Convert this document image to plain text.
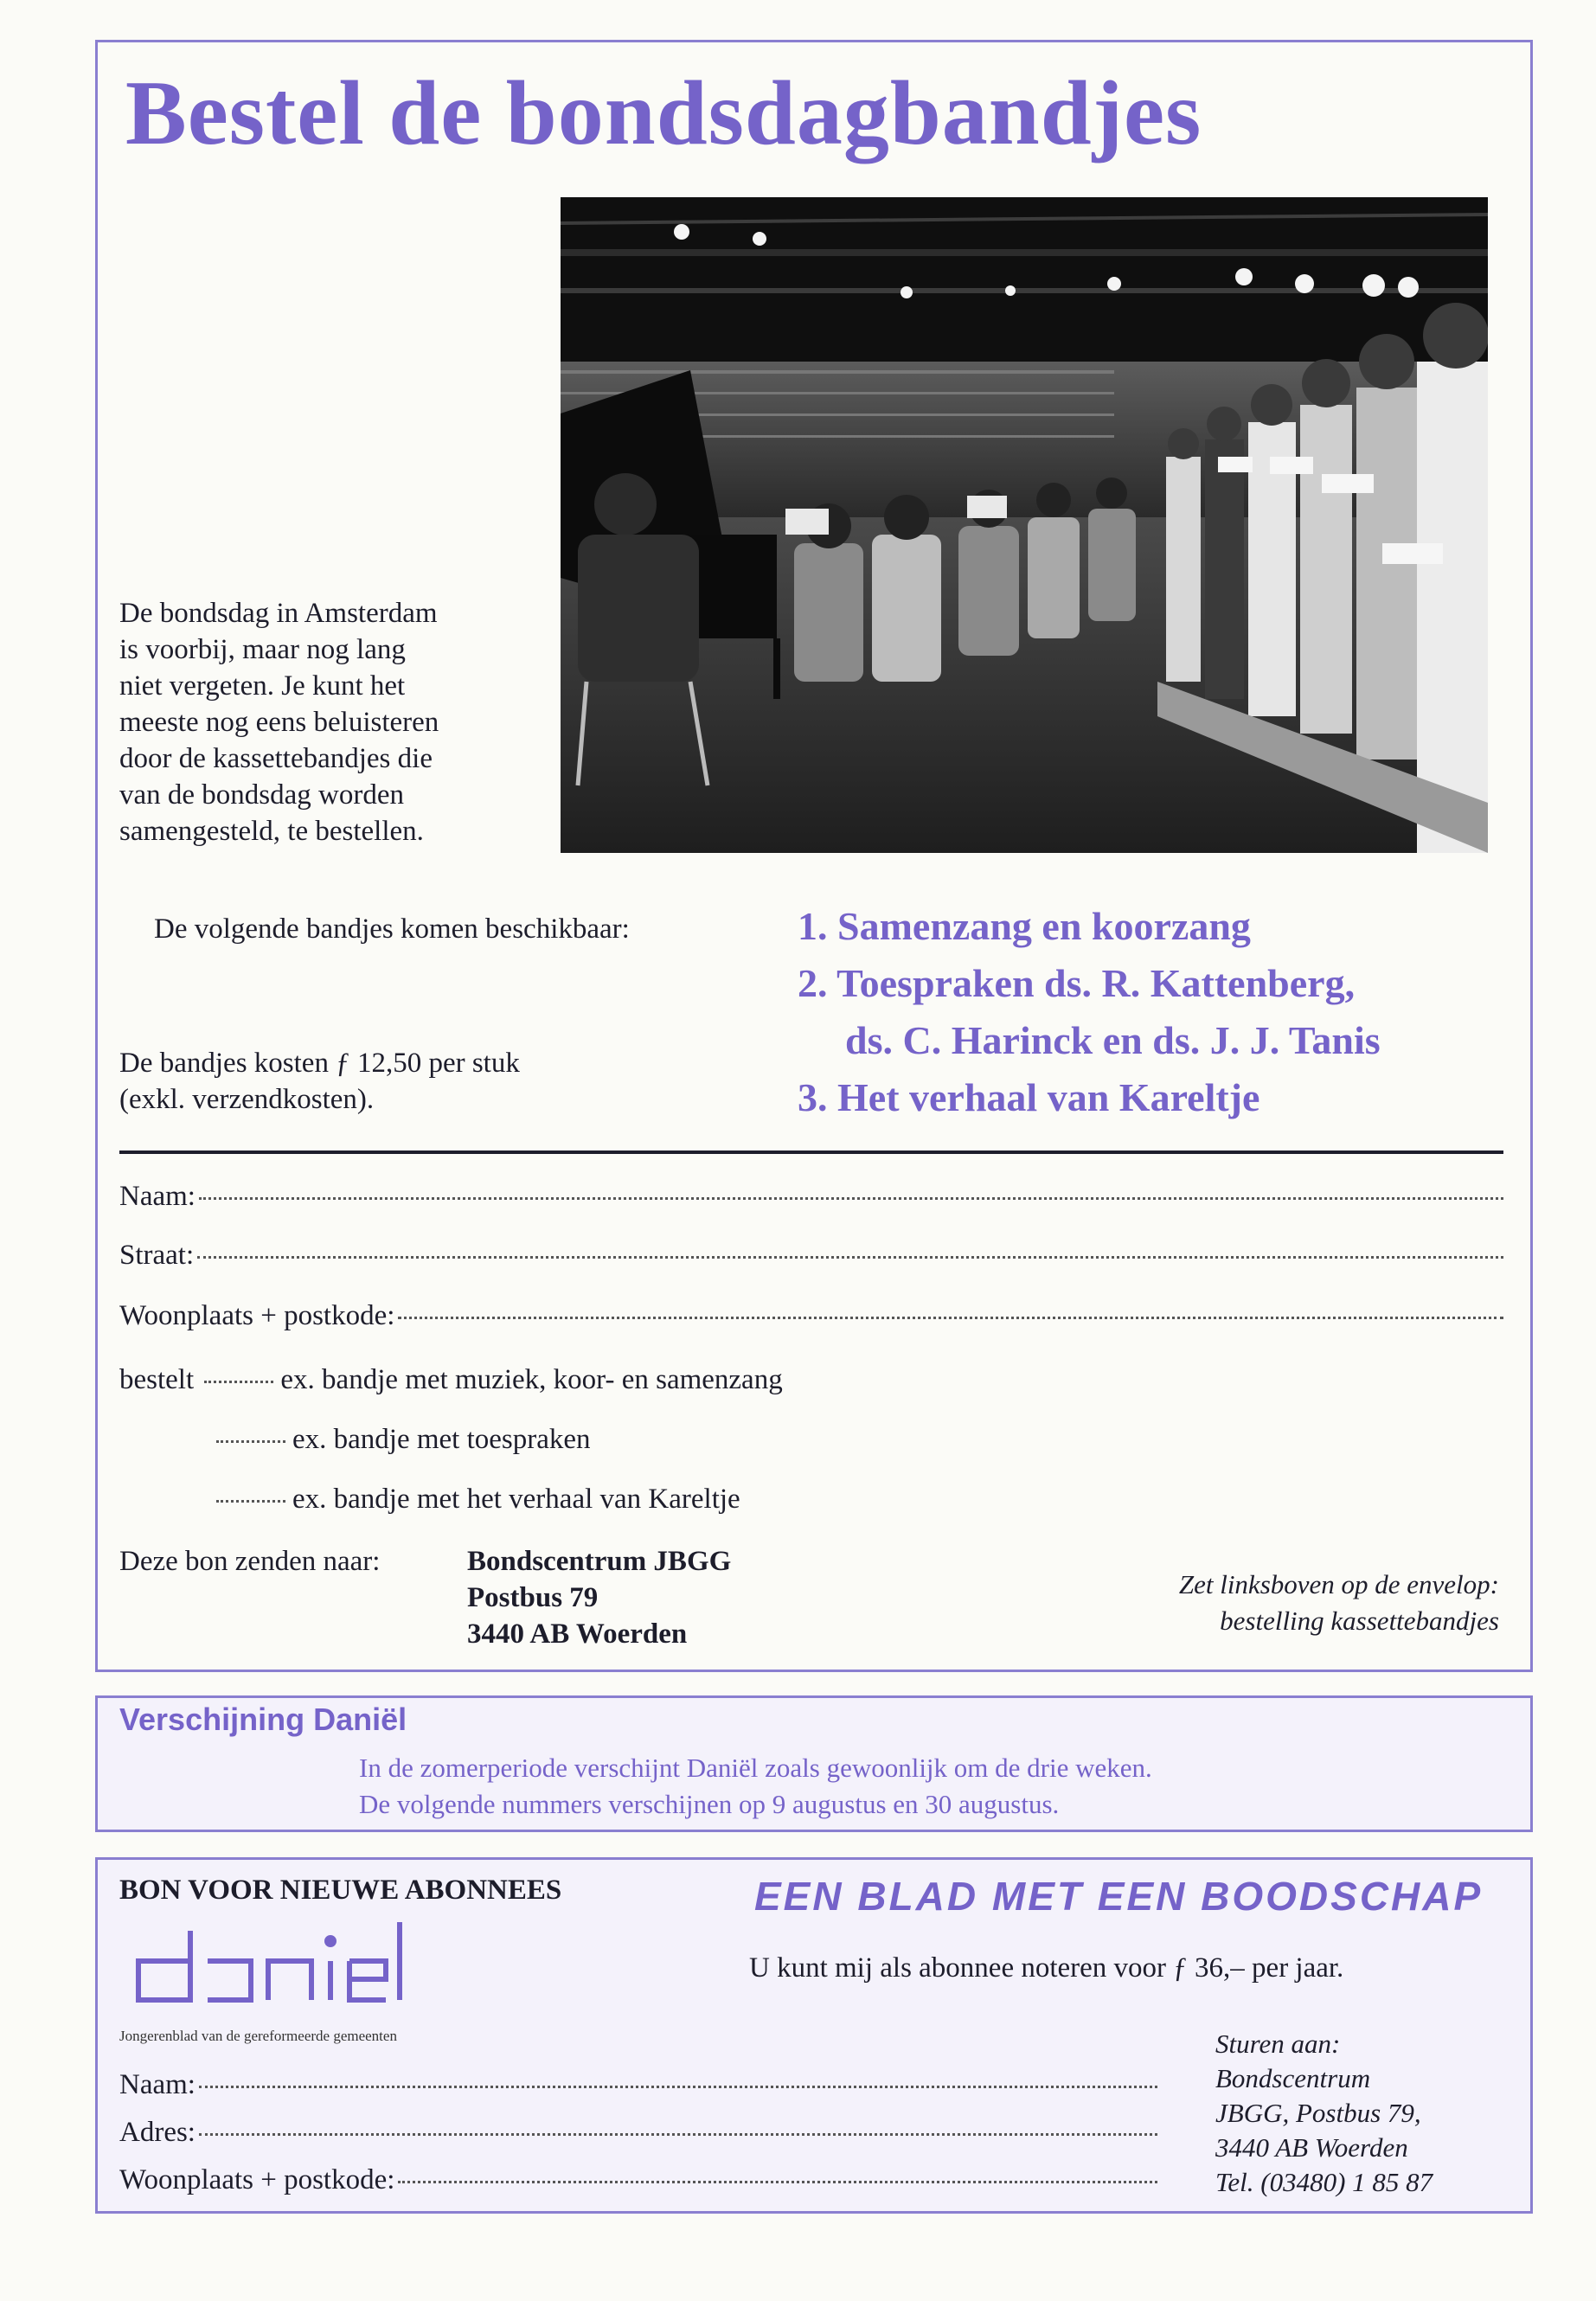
Bestel de bondsdagbandjes
De bondsdag in Amsterdam
is voorbij, maar nog lang
niet vergeten. Je kunt het
meeste nog eens beluisteren
door de kassettebandjes die
van de bondsdag worden
samengesteld, te bestellen.
De volgende bandjes komen beschikbaar:	1. Samenzang en koorzang
2. Toespraken ds. R. Kattenberg,
ds. C. Harinck en ds. J. J. Tanis
3. Het verhaal van Kareltje
De bandjes kosten ƒ 12,50 per stuk
(exkl. verzendkosten).
Naam:
Straat:
Woonplaats + postkode:
bestelt	ex. bandje met muziek, koor- en samenzang
ex. bandje met toespraken
ex. bandje met het verhaal van Kareltje
Deze bon zenden naar:	Bondscentrum JBGG
Postbus 79
3440 AB Woerden
Zet linksboven op de envelop:
bestelling kassettebandjes
Verschijning Daniël
In de zomerperiode verschijnt Daniël zoals gewoonlijk om de drie weken.
De volgende nummers verschijnen op 9 augustus en 30 augustus.
BON VOOR NIEUWE ABONNEES
Jongerenblad van de gereformeerde gemeenten
EEN BLAD MET EEN BOODSCHAP
U kunt mij als abonnee noteren voor ƒ 36,– per jaar.
Naam:
Adres:
Woonplaats + postkode:
Sturen aan:
Bondscentrum
JBGG, Postbus 79,
3440 AB Woerden
Tel. (03480) 1 85 87
